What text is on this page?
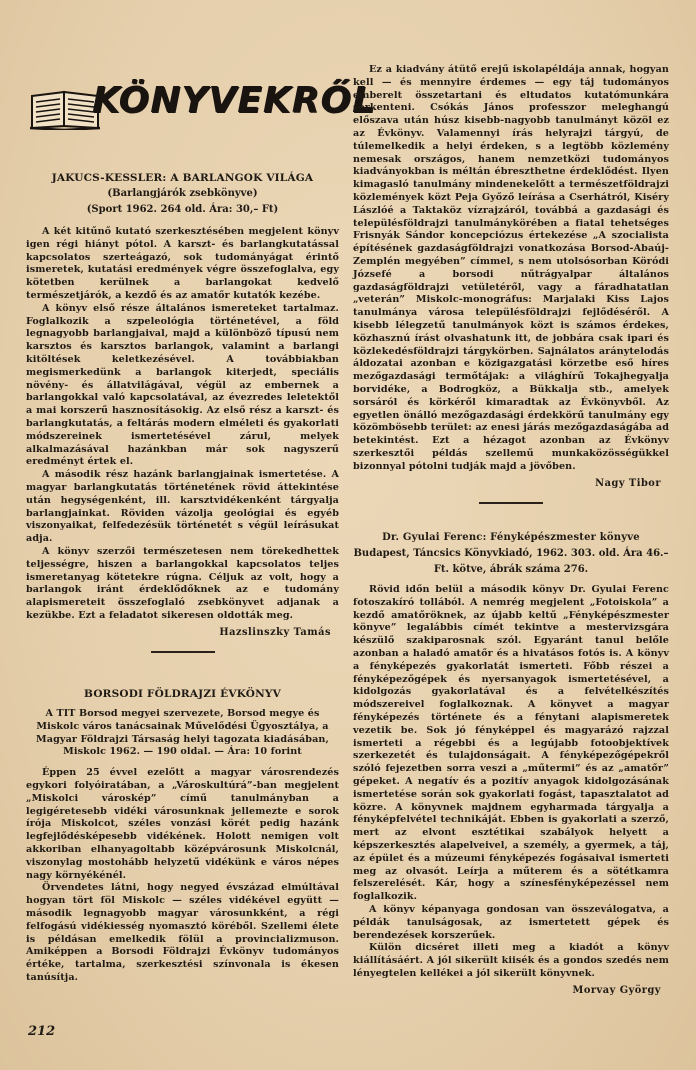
KÖNYVEKRŐL

JAKUCS-KESSLER: A BARLANGOK VILÁGA

(Barlangjárók zsebkönyve)

(Sport 1962. 264 old. Ára: 30,– Ft)

A két kitűnő kutató szerkesztésében megjelent könyv igen régi hiányt pótol. A karszt- és barlangkutatással kapcsolatos szerteágazó, sok tudományágat érintő ismeretek, kutatási eredmények végre összefoglalva, egy kötetben kerülnek a barlangokat kedvelő természetjárók, a kezdő és az amatőr kutatók kezébe.

A könyv első része általános ismereteket tartalmaz. Foglalkozik a szpeleológia történetével, a föld legnagyobb barlangjaival, majd a különböző típusú nem karsztos és karsztos barlangok, valamint a barlangi kitöltések keletkezésével. A továbbiakban megismerkedünk a barlangok kiterjedt, speciális növény- és állatvilágával, végül az embernek a barlangokkal való kapcsolatával, az évezredes leletektől a mai korszerű hasznosításokig. Az első rész a karszt- és barlangkutatás, a feltárás modern elméleti és gyakorlati módszereinek ismertetésével zárul, melyek alkalmazásával hazánkban már sok nagyszerű eredményt értek el.

A második rész hazánk barlangjainak ismertetése. A magyar barlangkutatás történetének rövid áttekintése után hegységenként, ill. karsztvidékenként tárgyalja barlangjainkat. Röviden vázolja geológiai és egyéb viszonyaikat, felfedezésük történetét s végül leírásukat adja.

A könyv szerzői természetesen nem törekedhettek teljességre, hiszen a barlangokkal kapcsolatos teljes ismeretanyag kötetekre rúgna. Céljuk az volt, hogy a barlangok iránt érdeklődőknek az e tudomány alapismereteit összefoglaló zsebkönyvet adjanak a kezükbe. Ezt a feladatot sikeresen oldották meg.

Hazslinszky Tamás

BORSODI FÖLDRAJZI ÉVKÖNYV

A TIT Borsod megyei szervezete, Borsod megye és Miskolc város tanácsainak Művelődési Ügyosztálya, a Magyar Földrajzi Társaság helyi tagozata kiadásában, Miskolc 1962. — 190 oldal. — Ára: 10 forint

Éppen 25 évvel ezelőtt a magyar városrendezés egykori folyóiratában, a „Városkultúrá”-ban megjelent „Miskolci városkép” című tanulmányban a legigéretesebb vidéki városunknak jellemezte e sorok írója Miskolcot, széles vonzási körét pedig hazánk legfejlődésképesebb vidékének. Holott nemigen volt akkoriban elhanyagoltabb középvárosunk Miskolcnál, viszonylag mostohább helyzetű vidékünk e város népes nagy környékénél.

Örvendetes látni, hogy negyed évszázad elmúltával hogyan tört föl Miskolc — széles vidékével együtt — második legnagyobb magyar városunkként, a régi felfogású vidékiesség nyomasztó köréből. Szellemi élete is példásan emelkedik fölül a provincializmuson. Amiképpen a Borsodi Földrajzi Évkönyv tudományos értéke, tartalma, szerkesztési színvonala is ékesen tanúsítja.

Ez a kiadvány átütő erejű iskolapéldája annak, hogyan kell — és mennyire érdemes — egy táj tudományos emberelt összetartani és eltudatos kutatómunkára serkenteni. Csókás János professzor meleghangú előszava után húsz kisebb-nagyobb tanulmányt közöl ez az Évkönyv. Valamennyi írás helyrajzi tárgyú, de túlemelkedik a helyi érdeken, s a legtöbb közlemény nemesak országos, hanem nemzetközi tudományos kiadványokban is méltán ébreszthetne érdeklődést. Ilyen kimagasló tanulmány mindenekelőtt a természetföldrajzi közlemények közt Peja Győző leírása a Cserhátról, Kiséry Lászlóé a Taktaköz vízrajzáról, továbbá a gazdasági és településföldrajzi tanulmánykörében a fiatal tehetséges Frisnyák Sándor koncepciózus értekezése „A szocialista építésének gazdaságföldrajzi vonatkozása Borsod-Abaúj-Zemplén megyében” címmel, s nem utolsósorban Köródi Józsefé a borsodi nűtrágyalpar általános gazdaságföldrajzi vetületéről, vagy a fáradhatatlan „veterán” Miskolc-monográfus: Marjalaki Kiss Lajos tanulmánya városa településföldrajzi fejlődéséről. A kisebb lélegzetű tanulmányok közt is számos érdekes, közhasznú írást olvashatunk itt, de jobbára csak ipari és közlekedésföldrajzi tárgykörben. Sajnálatos aránytelodás áldozatai azonban e közigazgatási körzetbe eső híres mezőgazdasági termőtájak: a világhírű Tokajhegyalja borvidéke, a Bodrogköz, a Bükkalja stb., amelyek sorsáról és körkéről kimaradtak az Évkönyvből. Az egyetlen önálló mezőgazdasági érdekkörű tanulmány egy közömbösebb terület: az enesi járás mezőgazdaságába ad betekintést. Ezt a hézagot azonban az Évkönyv szerkesztői példás szellemű munkaközösségükkel bizonnyal pótolni tudják majd a jövőben.

Nagy Tibor

Dr. Gyulai Ferenc: Fényképészmester könyve

Budapest, Táncsics Könyvkiadó, 1962. 303. old. Ára 46.–Ft. kötve, ábrák száma 276.

Rövid időn belül a második könyv Dr. Gyulai Ferenc fotoszakíró tollából. A nemrég megjelent „Fotoiskola” a kezdő amatőröknek, az újabb keltű „Fényképészmester könyve” legalábbis címét tekintve a mestervizsgára készülő szakiparosnak szól. Egyaránt tanul belőle azonban a haladó amatőr és a hivatásos fotós is. A könyv a fényképezés gyakorlatát ismerteti. Főbb részei a fényképezőgépek és nyersanyagok ismertetésével, a kidolgozás gyakorlatával és a felvételkészítés módszereivel foglalkoznak. A könyvet a magyar fényképezés története és a fénytani alapismeretek vezetik be. Sok jó fényképpel és magyarázó rajzzal ismerteti a régebbi és a legújabb fotoobjektívek szerkezetét és tulajdonságait. A fényképezőgépekről szóló fejezetben sorra veszi a „műtermi” és az „amatőr” gépeket. A negatív és a pozitív anyagok kidolgozásának ismertetése során sok gyakorlati fogást, tapasztalatot ad közre. A könyvnek majdnem egyharmada tárgyalja a fényképfelvétel technikáját. Ebben is gyakorlati a szerző, mert az elvont esztétikai szabályok helyett a képszerkesztés alapelveivel, a személy, a gyermek, a táj, az épület és a múzeumi fényképezés fogásaival ismerteti meg az olvasót. Leírja a műterem és a sötétkamra felszerelését. Kár, hogy a színesfényképezéssel nem foglalkozik.

A könyv képanyaga gondosan van összeválogatva, a példák tanulságosak, az ismertetett gépek és berendezések korszerűek.

Külön dicséret illeti meg a kiadót a könyv kiállításáért. A jól sikerült kiisék és a gondos szedés nem lényegtelen kellékei a jól sikerült könyvnek.

Morvay György

212
